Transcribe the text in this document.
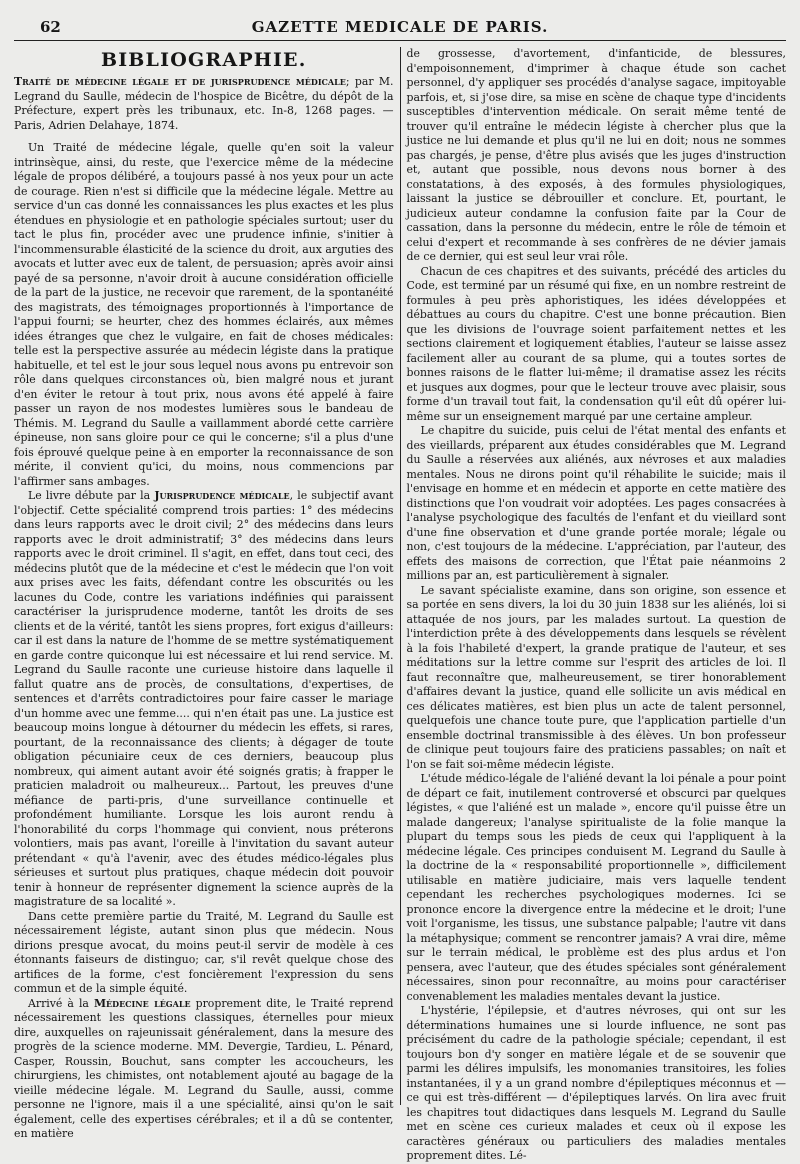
62	GAZETTE MEDICALE DE PARIS.
BIBLIOGRAPHIE.

Traité de médecine légale et de jurisprudence médicale; par M. Legrand du Saulle, médecin de l'hospice de Bicêtre, du dépôt de la Préfecture, expert près les tribunaux, etc. In-8, 1268 pages. — Paris, Adrien Delahaye, 1874.

Un Traité de médecine légale, quelle qu'en soit la valeur intrinsèque, ainsi, du reste, que l'exercice même de la médecine légale de propos délibéré, a toujours passé à nos yeux pour un acte de courage. Rien n'est si difficile que la médecine légale. Mettre au service d'un cas donné les connaissances les plus exactes et les plus étendues en physiologie et en pathologie spéciales surtout; user du tact le plus fin, procéder avec une prudence infinie, s'initier à l'incommensurable élasticité de la science du droit, aux arguties des avocats et lutter avec eux de talent, de persuasion; après avoir ainsi payé de sa personne, n'avoir droit à aucune considération officielle de la part de la justice, ne recevoir que rarement, de la spontanéité des magistrats, des témoignages proportionnés à l'importance de l'appui fourni; se heurter, chez des hommes éclairés, aux mêmes idées étranges que chez le vulgaire, en fait de choses médicales: telle est la perspective assurée au médecin légiste dans la pratique habituelle, et tel est le jour sous lequel nous avons pu entrevoir son rôle dans quelques circonstances où, bien malgré nous et jurant d'en éviter le retour à tout prix, nous avons été appelé à faire passer un rayon de nos modestes lumières sous le bandeau de Thémis. M. Legrand du Saulle a vaillamment abordé cette carrière épineuse, non sans gloire pour ce qui le concerne; s'il a plus d'une fois éprouvé quelque peine à en emporter la reconnaissance de son mérite, il convient qu'ici, du moins, nous commencions par l'affirmer sans ambages.

Le livre débute par la Jurisprudence médicale, le subjectif avant l'objectif. Cette spécialité comprend trois parties: 1° des médecins dans leurs rapports avec le droit civil; 2° des médecins dans leurs rapports avec le droit administratif; 3° des médecins dans leurs rapports avec le droit criminel. Il s'agit, en effet, dans tout ceci, des médecins plutôt que de la médecine et c'est le médecin que l'on voit aux prises avec les faits, défendant contre les obscurités ou les lacunes du Code, contre les variations indéfinies qui paraissent caractériser la jurisprudence moderne, tantôt les droits de ses clients et de la vérité, tantôt les siens propres, fort exigus d'ailleurs: car il est dans la nature de l'homme de se mettre systématiquement en garde contre quiconque lui est nécessaire et lui rend service. M. Legrand du Saulle raconte une curieuse histoire dans laquelle il fallut quatre ans de procès, de consultations, d'expertises, de sentences et d'arrêts contradictoires pour faire casser le mariage d'un homme avec une femme.... qui n'en était pas une. La justice est beaucoup moins longue à détourner du médecin les effets, si rares, pourtant, de la reconnaissance des clients; à dégager de toute obligation pécuniaire ceux de ces derniers, beaucoup plus nombreux, qui aiment autant avoir été soignés gratis; à frapper le praticien maladroit ou malheureux... Partout, les preuves d'une méfiance de parti-pris, d'une surveillance continuelle et profondément humiliante. Lorsque les lois auront rendu à l'honorabilité du corps l'hommage qui convient, nous préterons volontiers, mais pas avant, l'oreille à l'invitation du savant auteur prétendant « qu'à l'avenir, avec des études médico-légales plus sérieuses et surtout plus pratiques, chaque médecin doit pouvoir tenir à honneur de représenter dignement la science auprès de la magistrature de sa localité ».

Dans cette première partie du Traité, M. Legrand du Saulle est nécessairement légiste, autant sinon plus que médecin. Nous dirions presque avocat, du moins peut-il servir de modèle à ces étonnants faiseurs de distinguo; car, s'il revêt quelque chose des artifices de la forme, c'est foncièrement l'expression du sens commun et de la simple équité.

Arrivé à la Médecine légale proprement dite, le Traité reprend nécessairement les questions classiques, éternelles pour mieux dire, auxquelles on rajeunissait généralement, dans la mesure des progrès de la science moderne. MM. Devergie, Tardieu, L. Pénard, Casper, Roussin, Bouchut, sans compter les accoucheurs, les chirurgiens, les chimistes, ont notablement ajouté au bagage de la vieille médecine légale. M. Legrand du Saulle, aussi, comme personne ne l'ignore, mais il a une spécialité, ainsi qu'on le sait également, celle des expertises cérébrales; et il a dû se contenter, en matière

de grossesse, d'avortement, d'infanticide, de blessures, d'empoisonnement, d'imprimer à chaque étude son cachet personnel, d'y appliquer ses procédés d'analyse sagace, impitoyable parfois, et, si j'ose dire, sa mise en scène de chaque type d'incidents susceptibles d'intervention médicale. On serait même tenté de trouver qu'il entraîne le médecin légiste à chercher plus que la justice ne lui demande et plus qu'il ne lui en doit; nous ne sommes pas chargés, je pense, d'être plus avisés que les juges d'instruction et, autant que possible, nous devons nous borner à des constatations, à des exposés, à des formules physiologiques, laissant la justice se débrouiller et conclure. Et, pourtant, le judicieux auteur condamne la confusion faite par la Cour de cassation, dans la personne du médecin, entre le rôle de témoin et celui d'expert et recommande à ses confrères de ne dévier jamais de ce dernier, qui est seul leur vrai rôle.

Chacun de ces chapitres et des suivants, précédé des articles du Code, est terminé par un résumé qui fixe, en un nombre restreint de formules à peu près aphoristiques, les idées développées et débattues au cours du chapitre. C'est une bonne précaution. Bien que les divisions de l'ouvrage soient parfaitement nettes et les sections clairement et logiquement établies, l'auteur se laisse assez facilement aller au courant de sa plume, qui a toutes sortes de bonnes raisons de le flatter lui-même; il dramatise assez les récits et jusques aux dogmes, pour que le lecteur trouve avec plaisir, sous forme d'un travail tout fait, la condensation qu'il eût dû opérer lui-même sur un enseignement marqué par une certaine ampleur.

Le chapitre du suicide, puis celui de l'état mental des enfants et des vieillards, préparent aux études considérables que M. Legrand du Saulle a réservées aux aliénés, aux névroses et aux maladies mentales. Nous ne dirons point qu'il réhabilite le suicide; mais il l'envisage en homme et en médecin et apporte en cette matière des distinctions que l'on voudrait voir adoptées. Les pages consacrées à l'analyse psychologique des facultés de l'enfant et du vieillard sont d'une fine observation et d'une grande portée morale; légale ou non, c'est toujours de la médecine. L'appréciation, par l'auteur, des effets des maisons de correction, que l'État paie néanmoins 2 millions par an, est particulièrement à signaler.

Le savant spécialiste examine, dans son origine, son essence et sa portée en sens divers, la loi du 30 juin 1838 sur les aliénés, loi si attaquée de nos jours, par les malades surtout. La question de l'interdiction prête à des développements dans lesquels se révèlent à la fois l'habileté d'expert, la grande pratique de l'auteur, et ses méditations sur la lettre comme sur l'esprit des articles de loi. Il faut reconnaître que, malheureusement, se tirer honorablement d'affaires devant la justice, quand elle sollicite un avis médical en ces délicates matières, est bien plus un acte de talent personnel, quelquefois une chance toute pure, que l'application partielle d'un ensemble doctrinal transmissible à des élèves. Un bon professeur de clinique peut toujours faire des praticiens passables; on naît et l'on se fait soi-même médecin légiste.

L'étude médico-légale de l'aliéné devant la loi pénale a pour point de départ ce fait, inutilement controversé et obscurci par quelques légistes, « que l'aliéné est un malade », encore qu'il puisse être un malade dangereux; l'analyse spiritualiste de la folie manque la plupart du temps sous les pieds de ceux qui l'appliquent à la médecine légale. Ces principes conduisent M. Legrand du Saulle à la doctrine de la « responsabilité proportionnelle », difficilement utilisable en matière judiciaire, mais vers laquelle tendent cependant les recherches psychologiques modernes. Ici se prononce encore la divergence entre la médecine et le droit; l'une voit l'organisme, les tissus, une substance palpable; l'autre vit dans la métaphysique; comment se rencontrer jamais? A vrai dire, même sur le terrain médical, le problème est des plus ardus et l'on pensera, avec l'auteur, que des études spéciales sont généralement nécessaires, sinon pour reconnaître, au moins pour caractériser convenablement les maladies mentales devant la justice.

L'hystérie, l'épilepsie, et d'autres névroses, qui ont sur les déterminations humaines une si lourde influence, ne sont pas précisément du cadre de la pathologie spéciale; cependant, il est toujours bon d'y songer en matière légale et de se souvenir que parmi les délires impulsifs, les monomanies transitoires, les folies instantanées, il y a un grand nombre d'épileptiques méconnus et — ce qui est très-différent — d'épileptiques larvés. On lira avec fruit les chapitres tout didactiques dans lesquels M. Legrand du Saulle met en scène ces curieux malades et ceux où il expose les caractères généraux ou particuliers des maladies mentales proprement dites. Lé-
